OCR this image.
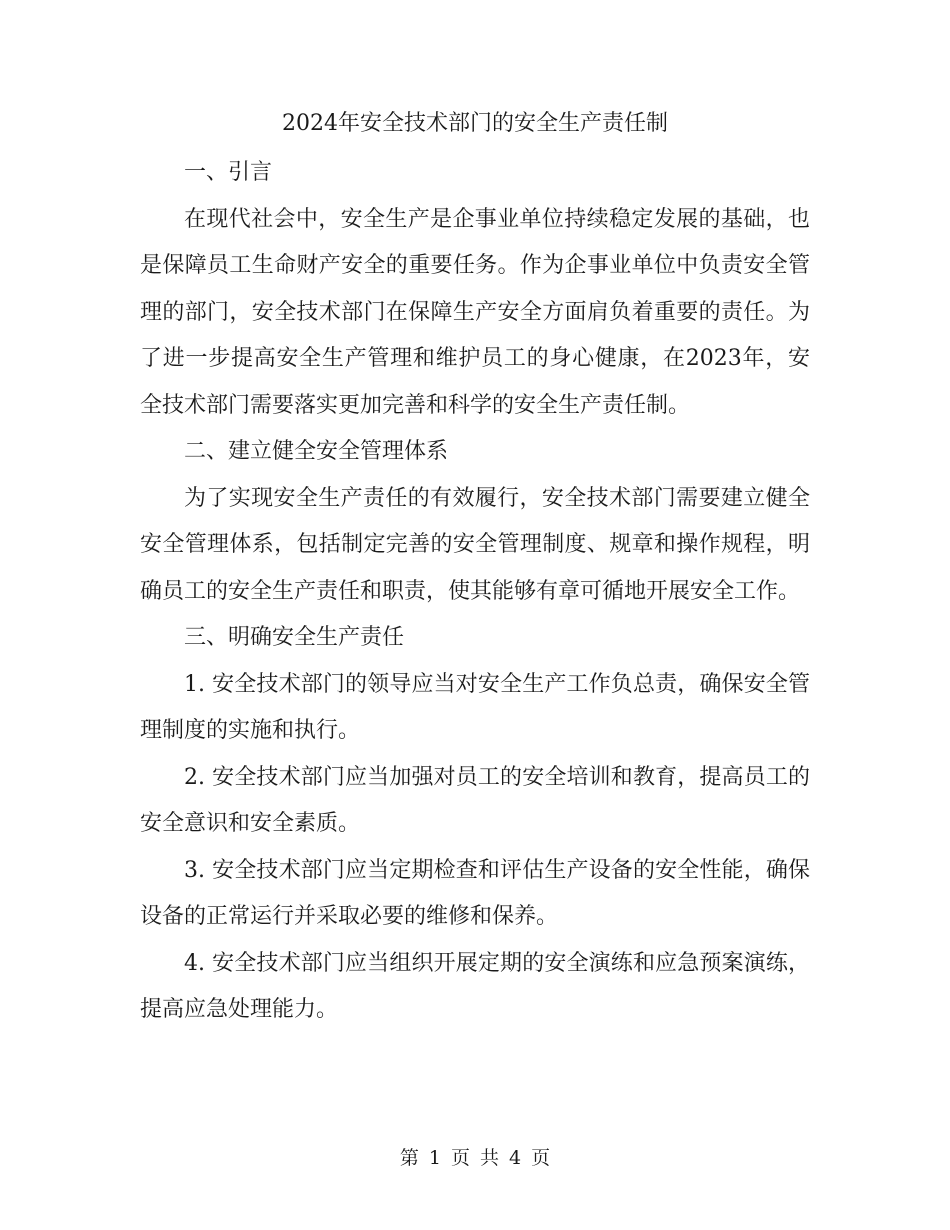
2024年安全技术部门的安全生产责任制

一、引言

在现代社会中，安全生产是企事业单位持续稳定发展的基础，也是保障员工生命财产安全的重要任务。作为企事业单位中负责安全管理的部门，安全技术部门在保障生产安全方面肩负着重要的责任。为了进一步提高安全生产管理和维护员工的身心健康，在2023年，安全技术部门需要落实更加完善和科学的安全生产责任制。

二、建立健全安全管理体系

为了实现安全生产责任的有效履行，安全技术部门需要建立健全安全管理体系，包括制定完善的安全管理制度、规章和操作规程，明确员工的安全生产责任和职责，使其能够有章可循地开展安全工作。

三、明确安全生产责任

1. 安全技术部门的领导应当对安全生产工作负总责，确保安全管理制度的实施和执行。

2. 安全技术部门应当加强对员工的安全培训和教育，提高员工的安全意识和安全素质。

3. 安全技术部门应当定期检查和评估生产设备的安全性能，确保设备的正常运行并采取必要的维修和保养。

4. 安全技术部门应当组织开展定期的安全演练和应急预案演练，提高应急处理能力。

第 1 页 共 4 页
